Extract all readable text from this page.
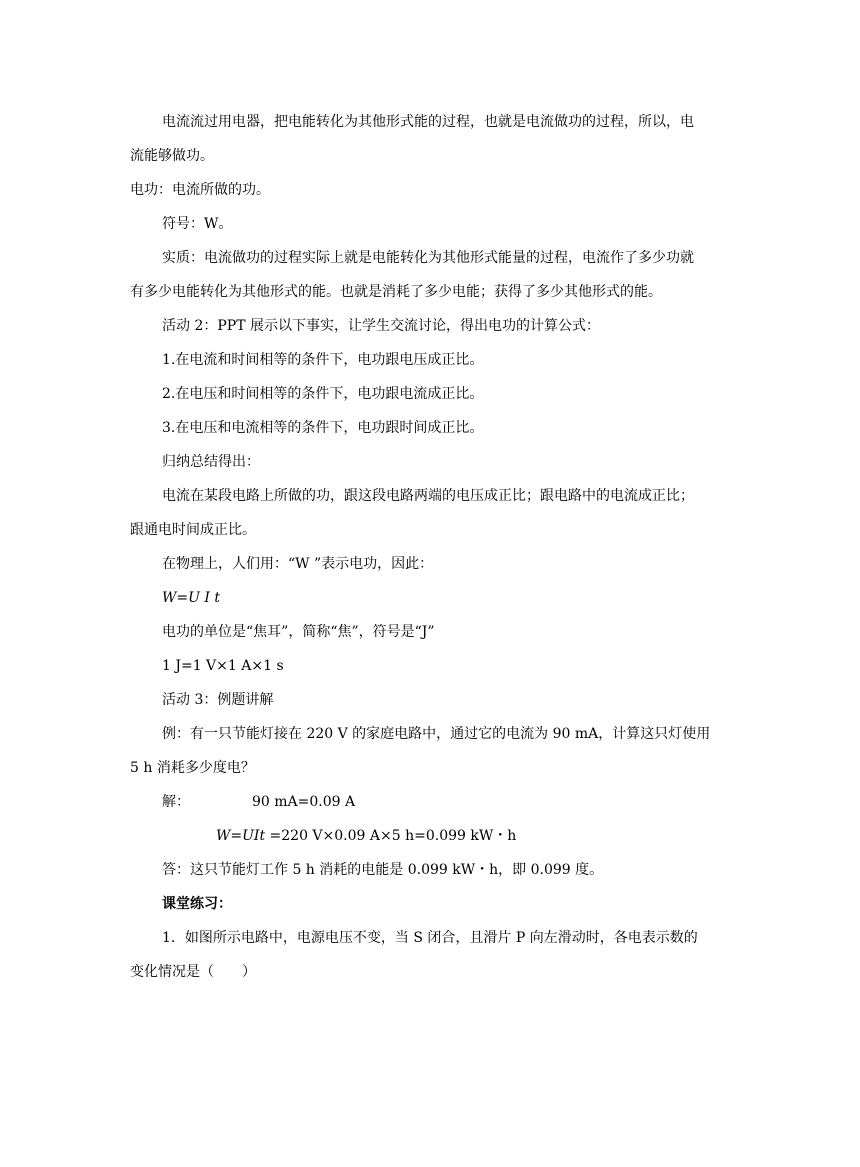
电流流过用电器，把电能转化为其他形式能的过程，也就是电流做功的过程，所以，电
流能够做功。
电功：电流所做的功。
符号：W。
实质：电流做功的过程实际上就是电能转化为其他形式能量的过程，电流作了多少功就
有多少电能转化为其他形式的能。也就是消耗了多少电能；获得了多少其他形式的能。
活动 2：PPT 展示以下事实，让学生交流讨论，得出电功的计算公式：
1.在电流和时间相等的条件下，电功跟电压成正比。
2.在电压和时间相等的条件下，电功跟电流成正比。
3.在电压和电流相等的条件下，电功跟时间成正比。
归纳总结得出：
电流在某段电路上所做的功，跟这段电路两端的电压成正比；跟电路中的电流成正比；
跟通电时间成正比。
在物理上，人们用：“W ”表示电功，因此：
W=U I t
电功的单位是“焦耳”，简称“焦”，符号是“J”
1 J=1 V×1 A×1 s
活动 3：例题讲解
例：有一只节能灯接在 220 V 的家庭电路中，通过它的电流为 90 mA，计算这只灯使用
5 h 消耗多少度电？
解：	90 mA=0.09 A
W=UIt =220 V×0.09 A×5 h=0.099 kW・h
答：这只节能灯工作 5 h 消耗的电能是 0.099 kW・h，即 0.099 度。
课堂练习：
1．如图所示电路中，电源电压不变，当 S 闭合，且滑片 P 向左滑动时，各电表示数的
变化情况是（　　）
